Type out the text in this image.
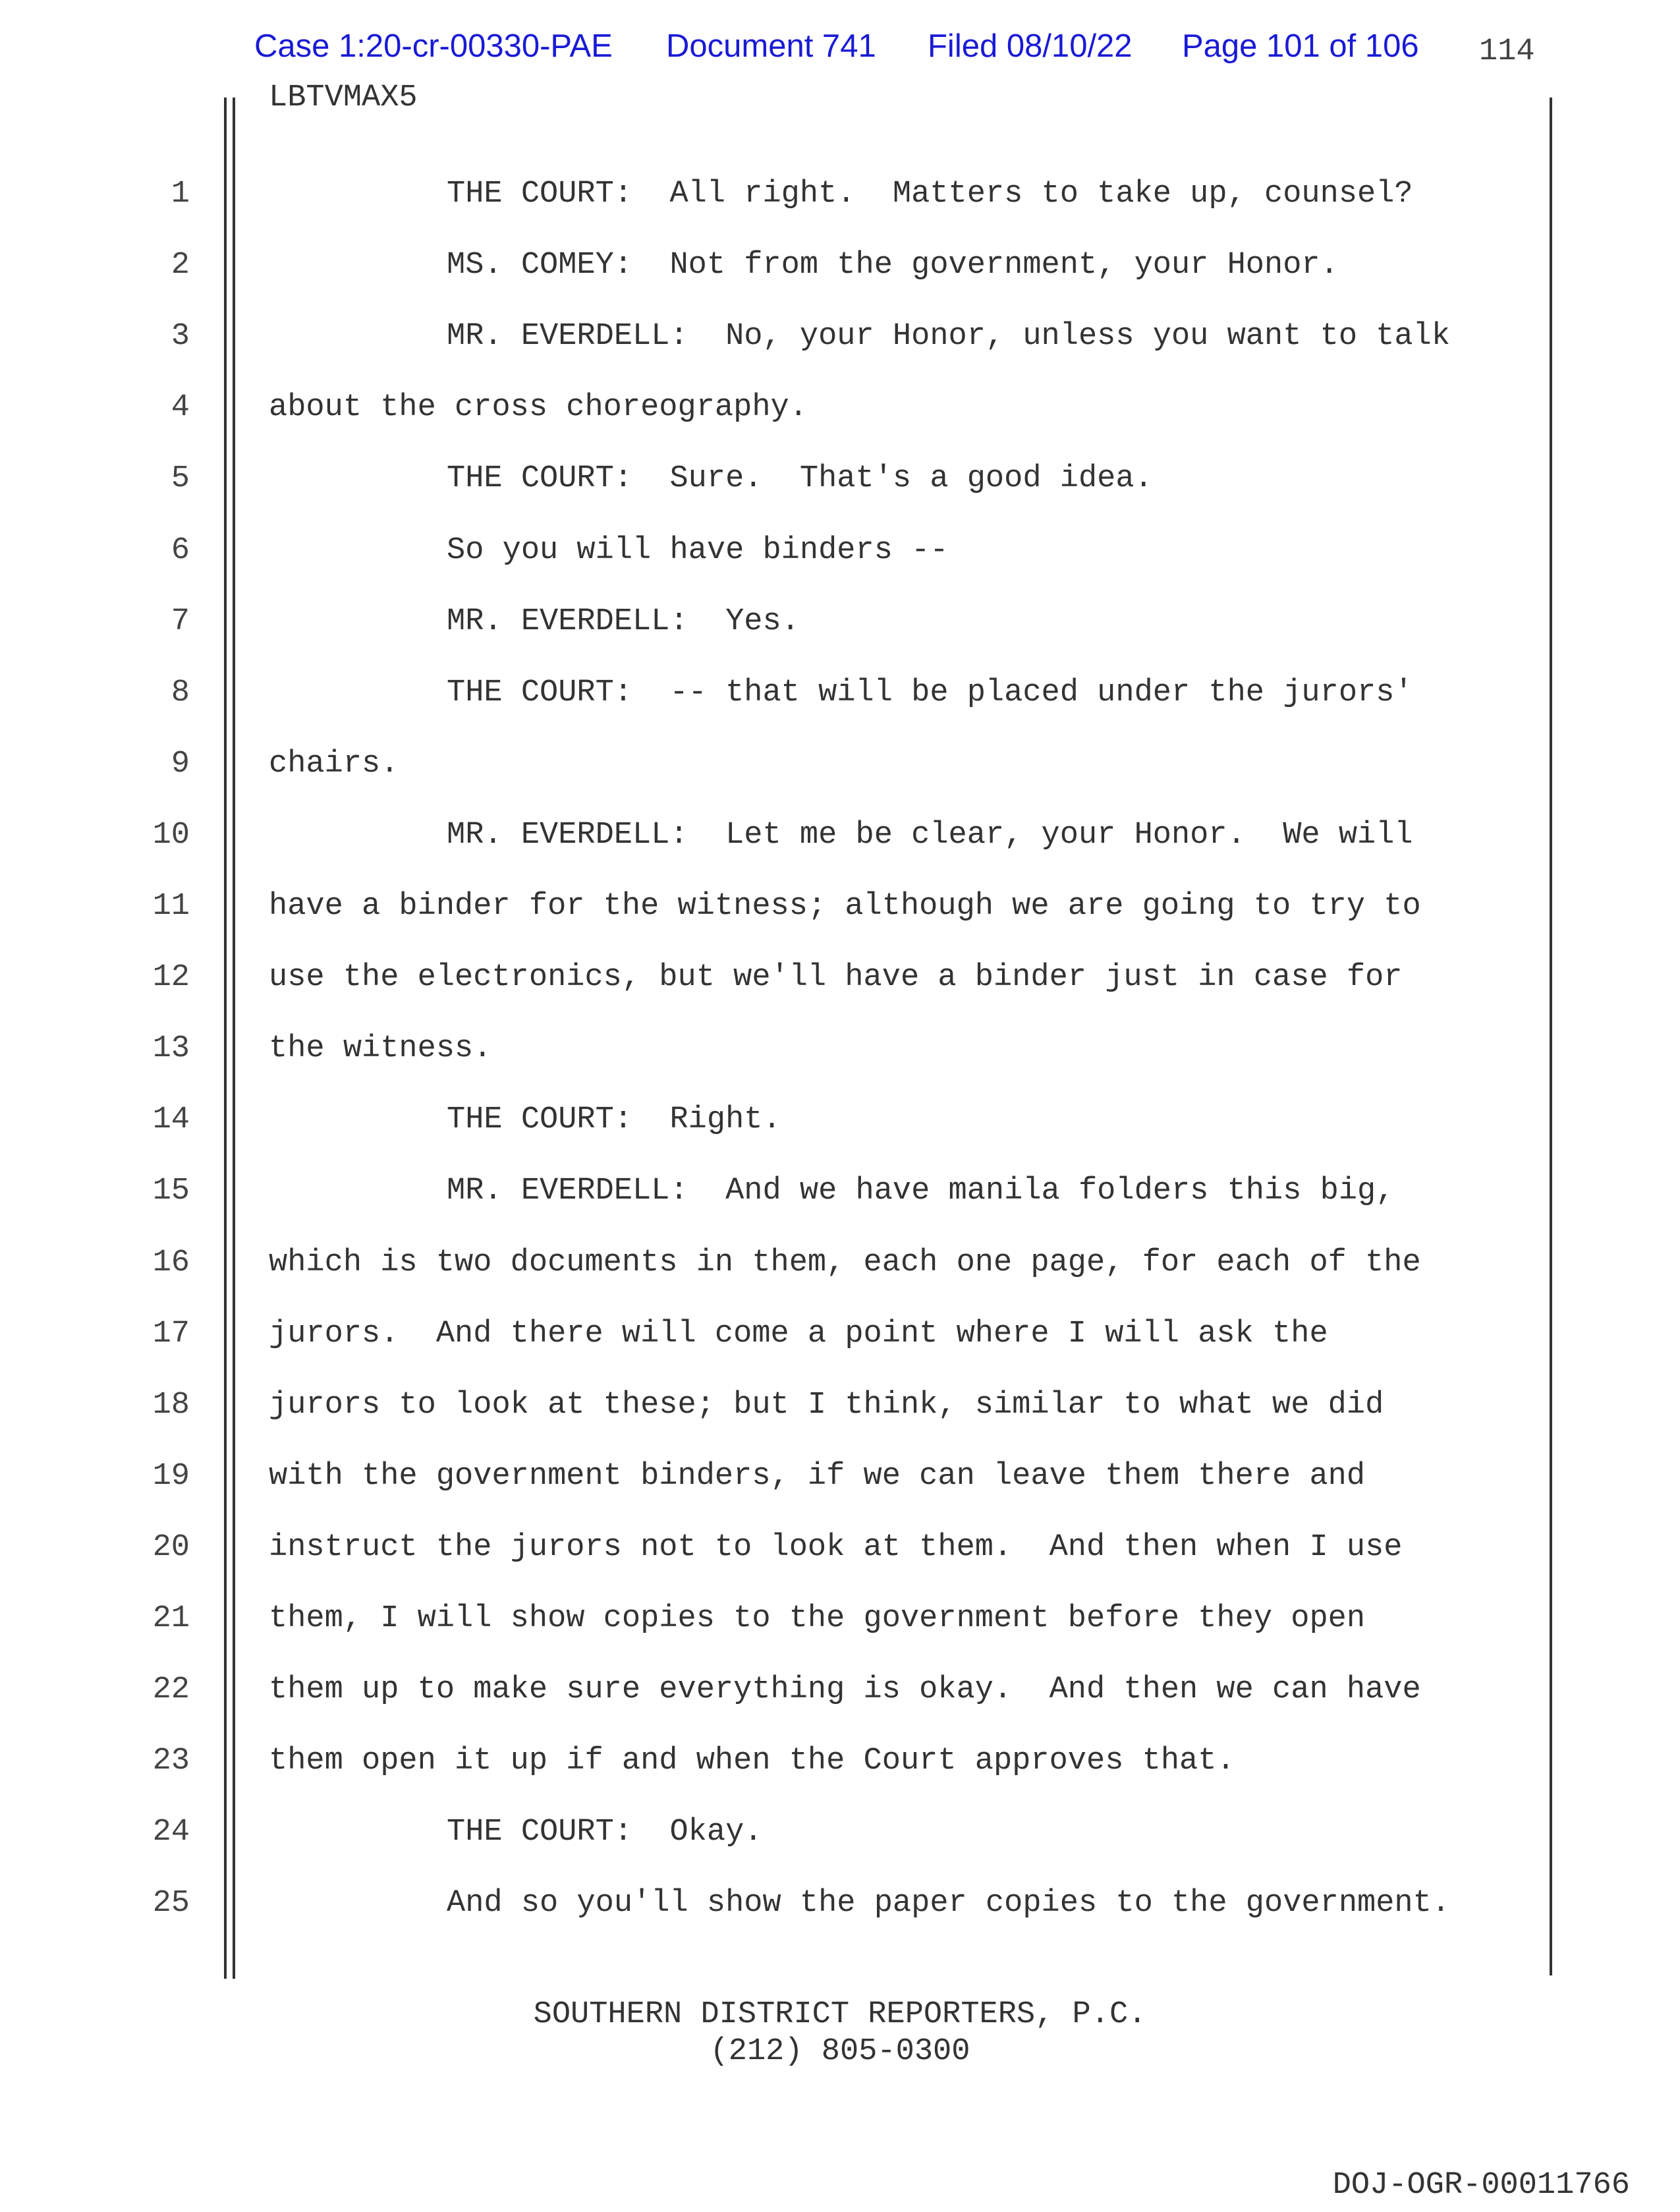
Case 1:20-cr-00330-PAE Document 741 Filed 08/10/22 Page 101 of 106 114
LBTVMAX5
1	THE COURT:  All right.  Matters to take up, counsel?
2	MS. COMEY:  Not from the government, your Honor.
3	MR. EVERDELL:  No, your Honor, unless you want to talk
4	about the cross choreography.
5	THE COURT:  Sure.  That's a good idea.
6	So you will have binders --
7	MR. EVERDELL:  Yes.
8	THE COURT:  -- that will be placed under the jurors'
9	chairs.
10	MR. EVERDELL:  Let me be clear, your Honor.  We will
11	have a binder for the witness; although we are going to try to
12	use the electronics, but we'll have a binder just in case for
13	the witness.
14	THE COURT:  Right.
15	MR. EVERDELL:  And we have manila folders this big,
16	which is two documents in them, each one page, for each of the
17	jurors.  And there will come a point where I will ask the
18	jurors to look at these; but I think, similar to what we did
19	with the government binders, if we can leave them there and
20	instruct the jurors not to look at them.  And then when I use
21	them, I will show copies to the government before they open
22	them up to make sure everything is okay.  And then we can have
23	them open it up if and when the Court approves that.
24	THE COURT:  Okay.
25	And so you'll show the paper copies to the government.
SOUTHERN DISTRICT REPORTERS, P.C.
(212) 805-0300
DOJ-OGR-00011766
